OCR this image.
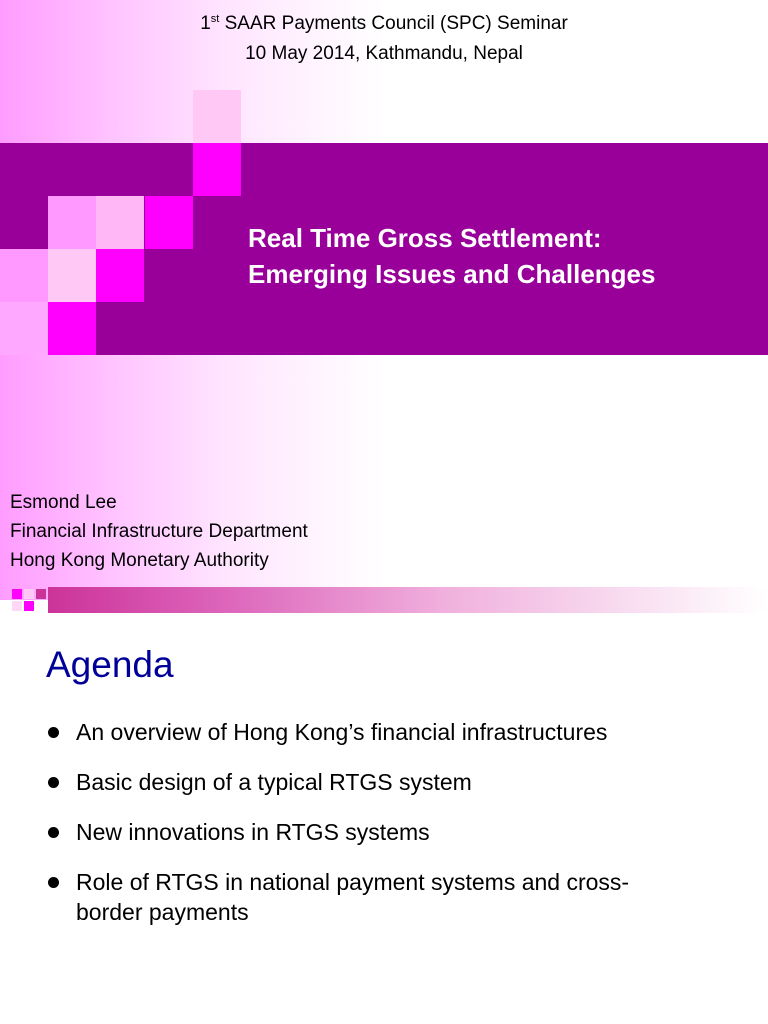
1st SAAR Payments Council (SPC) Seminar
10 May 2014, Kathmandu, Nepal
Real Time Gross Settlement:
Emerging Issues and Challenges
Esmond Lee
Financial Infrastructure Department
Hong Kong Monetary Authority
Agenda
An overview of Hong Kong’s financial infrastructures
Basic design of a typical RTGS system
New innovations in RTGS systems
Role of RTGS in national payment systems and cross-border payments
